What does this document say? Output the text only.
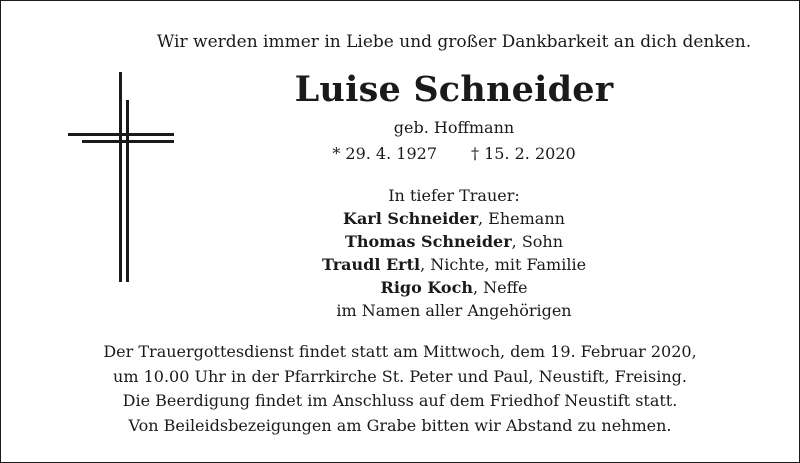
Wir werden immer in Liebe und großer Dankbarkeit an dich denken.
Luise Schneider
geb. Hoffmann
* 29. 4. 1927 † 15. 2. 2020
In tiefer Trauer:
Karl Schneider, Ehemann
Thomas Schneider, Sohn
Traudl Ertl, Nichte, mit Familie
Rigo Koch, Neffe
im Namen aller Angehörigen
Der Trauergottesdienst findet statt am Mittwoch, dem 19. Februar 2020,
um 10.00 Uhr in der Pfarrkirche St. Peter und Paul, Neustift, Freising.
Die Beerdigung findet im Anschluss auf dem Friedhof Neustift statt.
Von Beileidsbezeigungen am Grabe bitten wir Abstand zu nehmen.
